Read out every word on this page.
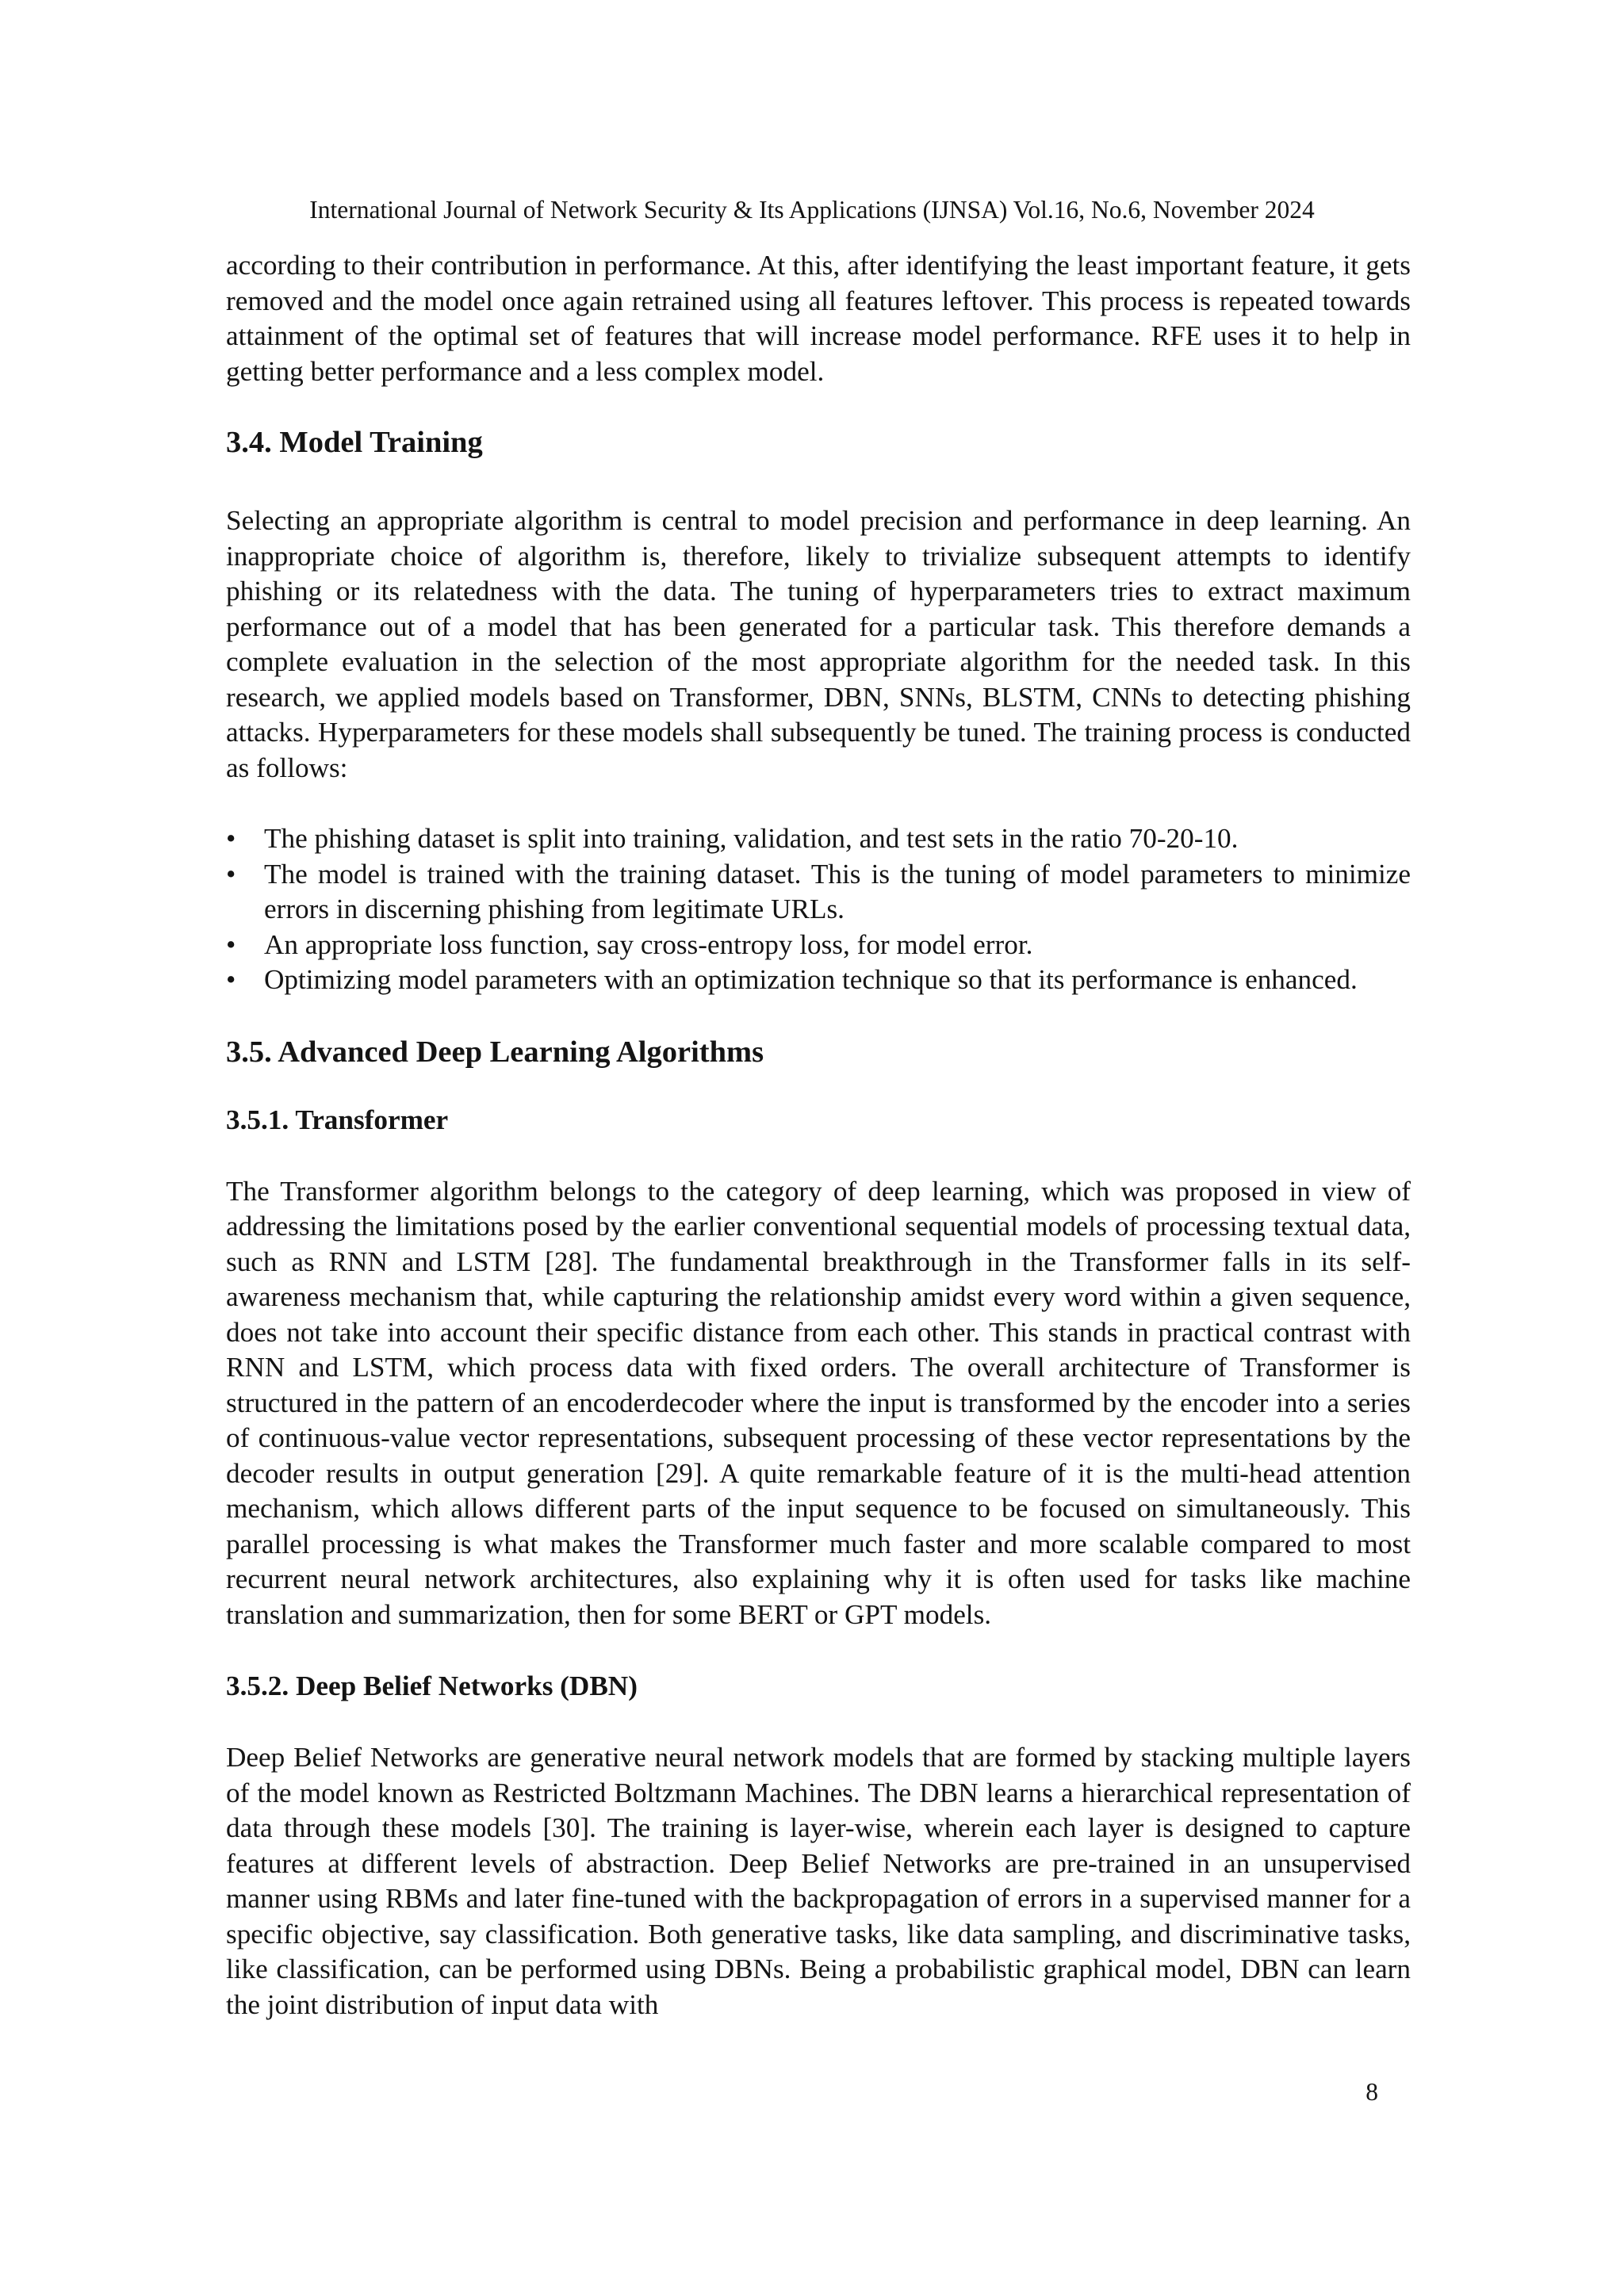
International Journal of Network Security & Its Applications (IJNSA) Vol.16, No.6, November 2024

according to their contribution in performance. At this, after identifying the least important feature, it gets removed and the model once again retrained using all features leftover. This process is repeated towards attainment of the optimal set of features that will increase model performance. RFE uses it to help in getting better performance and a less complex model.

3.4. Model Training

Selecting an appropriate algorithm is central to model precision and performance in deep learning. An inappropriate choice of algorithm is, therefore, likely to trivialize subsequent attempts to identify phishing or its relatedness with the data. The tuning of hyperparameters tries to extract maximum performance out of a model that has been generated for a particular task. This therefore demands a complete evaluation in the selection of the most appropriate algorithm for the needed task. In this research, we applied models based on Transformer, DBN, SNNs, BLSTM, CNNs to detecting phishing attacks. Hyperparameters for these models shall subsequently be tuned. The training process is conducted as follows:

• The phishing dataset is split into training, validation, and test sets in the ratio 70-20-10.
• The model is trained with the training dataset. This is the tuning of model parameters to minimize errors in discerning phishing from legitimate URLs.
• An appropriate loss function, say cross-entropy loss, for model error.
• Optimizing model parameters with an optimization technique so that its performance is enhanced.
3.5. Advanced Deep Learning Algorithms
3.5.1. Transformer

The Transformer algorithm belongs to the category of deep learning, which was proposed in view of addressing the limitations posed by the earlier conventional sequential models of processing textual data, such as RNN and LSTM [28]. The fundamental breakthrough in the Transformer falls in its self-awareness mechanism that, while capturing the relationship amidst every word within a given sequence, does not take into account their specific distance from each other. This stands in practical contrast with RNN and LSTM, which process data with fixed orders. The overall architecture of Transformer is structured in the pattern of an encoderdecoder where the input is transformed by the encoder into a series of continuous-value vector representations, subsequent processing of these vector representations by the decoder results in output generation [29]. A quite remarkable feature of it is the multi-head attention mechanism, which allows different parts of the input sequence to be focused on simultaneously. This parallel processing is what makes the Transformer much faster and more scalable compared to most recurrent neural network architectures, also explaining why it is often used for tasks like machine translation and summarization, then for some BERT or GPT models.

3.5.2. Deep Belief Networks (DBN)

Deep Belief Networks are generative neural network models that are formed by stacking multiple layers of the model known as Restricted Boltzmann Machines. The DBN learns a hierarchical representation of data through these models [30]. The training is layer-wise, wherein each layer is designed to capture features at different levels of abstraction. Deep Belief Networks are pre-trained in an unsupervised manner using RBMs and later fine-tuned with the backpropagation of errors in a supervised manner for a specific objective, say classification. Both generative tasks, like data sampling, and discriminative tasks, like classification, can be performed using DBNs. Being a probabilistic graphical model, DBN can learn the joint distribution of input data with

8
